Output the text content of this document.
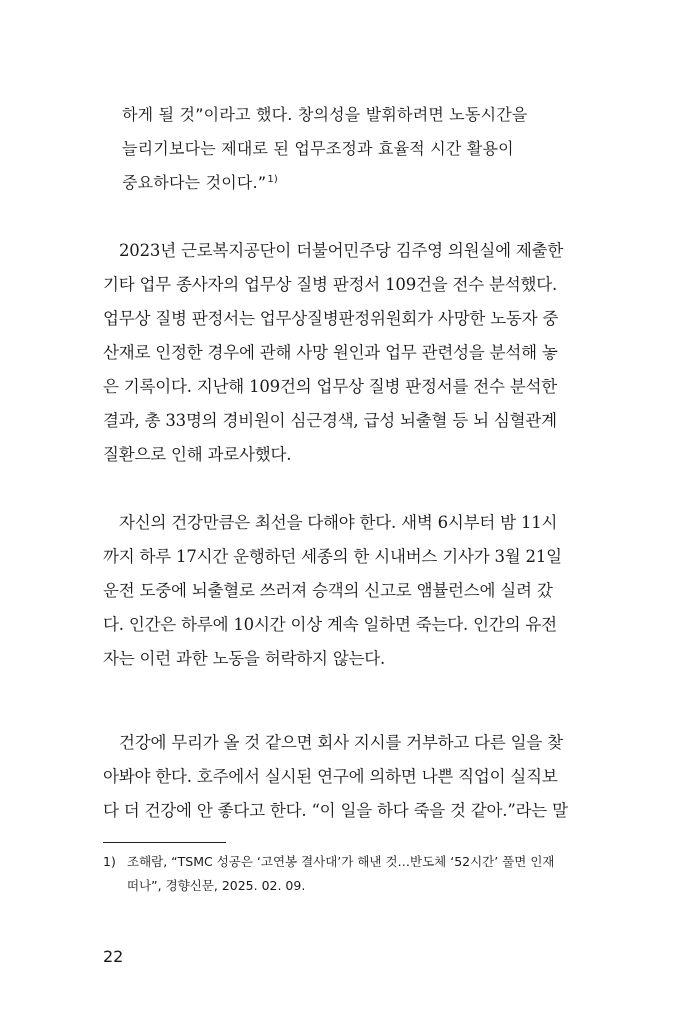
하게 될 것”이라고 했다. 창의성을 발휘하려면 노동시간을
늘리기보다는 제대로 된 업무조정과 효율적 시간 활용이
중요하다는 것이다.”$^{1)}$
2023년 근로복지공단이 더불어민주당 김주영 의원실에 제출한
기타 업무 종사자의 업무상 질병 판정서 109건을 전수 분석했다.
업무상 질병 판정서는 업무상질병판정위원회가 사망한 노동자 중
산재로 인정한 경우에 관해 사망 원인과 업무 관련성을 분석해 놓
은 기록이다. 지난해 109건의 업무상 질병 판정서를 전수 분석한
결과, 총 33명의 경비원이 심근경색, 급성 뇌출혈 등 뇌 심혈관계
질환으로 인해 과로사했다.
자신의 건강만큼은 최선을 다해야 한다. 새벽 6시부터 밤 11시
까지 하루 17시간 운행하던 세종의 한 시내버스 기사가 3월 21일
운전 도중에 뇌출혈로 쓰러져 승객의 신고로 앰뷸런스에 실려 갔
다. 인간은 하루에 10시간 이상 계속 일하면 죽는다. 인간의 유전
자는 이런 과한 노동을 허락하지 않는다.
건강에 무리가 올 것 같으면 회사 지시를 거부하고 다른 일을 찾
아봐야 한다. 호주에서 실시된 연구에 의하면 나쁜 직업이 실직보
다 더 건강에 안 좋다고 한다. “이 일을 하다 죽을 것 같아.”라는 말
1) 조해람, “TSMC 성공은 ‘고연봉 결사대’가 해낸 것…반도체 ‘52시간’ 풀면 인재
떠나”, 경향신문, 2025. 02. 09.
22
